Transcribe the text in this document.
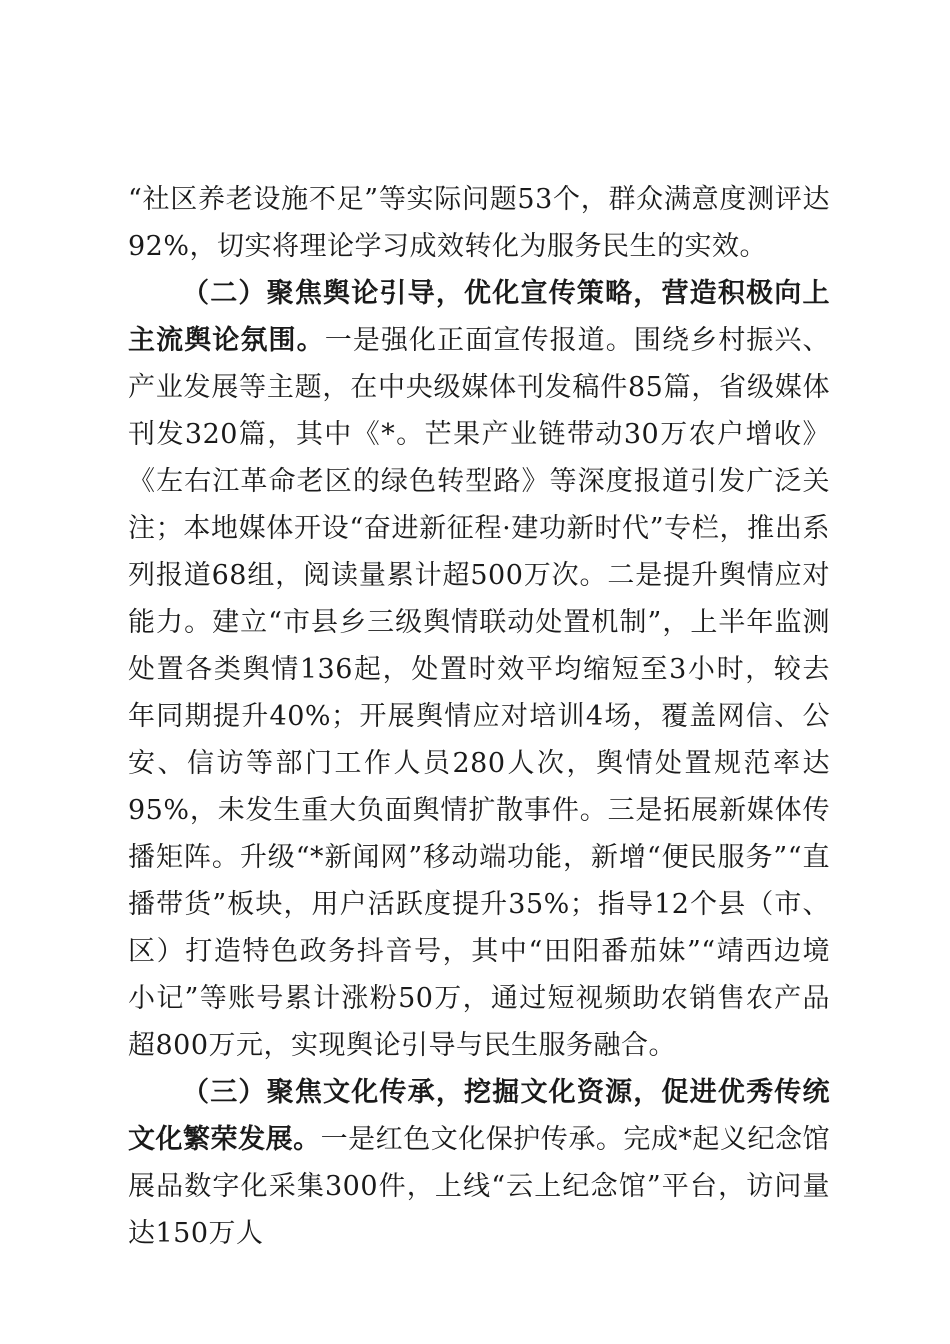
“社区养老设施不足”等实际问题53个，群众满意度测评达92%，切实将理论学习成效转化为服务民生的实效。

（二）聚焦舆论引导，优化宣传策略，营造积极向上主流舆论氛围。一是强化正面宣传报道。围绕乡村振兴、产业发展等主题，在中央级媒体刊发稿件85篇，省级媒体刊发320篇，其中《*。芒果产业链带动30万农户增收》《左右江革命老区的绿色转型路》等深度报道引发广泛关注；本地媒体开设“奋进新征程·建功新时代”专栏，推出系列报道68组，阅读量累计超500万次。二是提升舆情应对能力。建立“市县乡三级舆情联动处置机制”，上半年监测处置各类舆情136起，处置时效平均缩短至3小时，较去年同期提升40%；开展舆情应对培训4场，覆盖网信、公安、信访等部门工作人员280人次，舆情处置规范率达95%，未发生重大负面舆情扩散事件。三是拓展新媒体传播矩阵。升级“*新闻网”移动端功能，新增“便民服务”“直播带货”板块，用户活跃度提升35%；指导12个县（市、区）打造特色政务抖音号，其中“田阳番茄妹”“靖西边境小记”等账号累计涨粉50万，通过短视频助农销售农产品超800万元，实现舆论引导与民生服务融合。

（三）聚焦文化传承，挖掘文化资源，促进优秀传统文化繁荣发展。一是红色文化保护传承。完成*起义纪念馆展品数字化采集300件，上线“云上纪念馆”平台，访问量达150万人
